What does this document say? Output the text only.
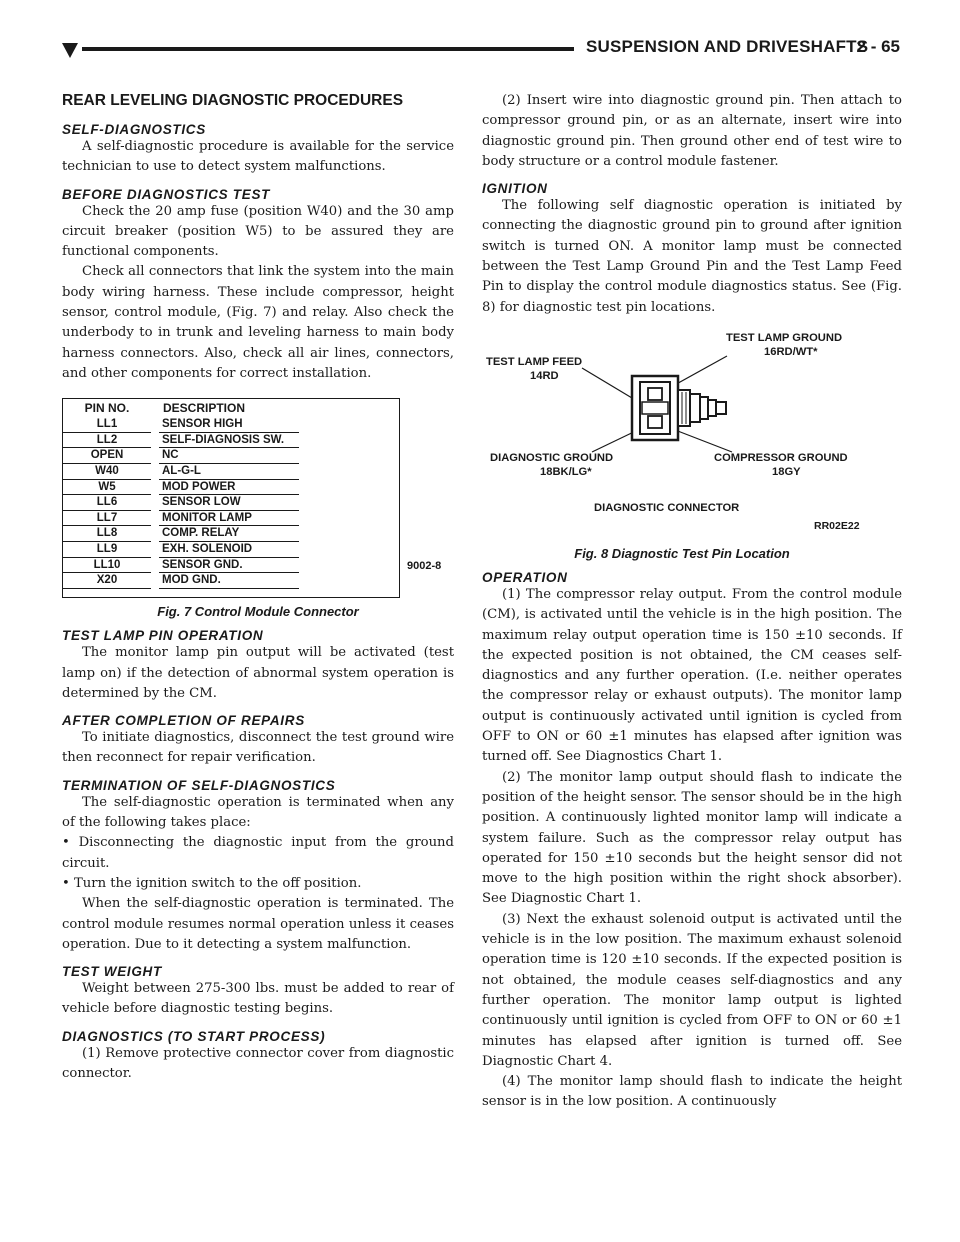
SUSPENSION AND DRIVESHAFTS
2 - 65
REAR LEVELING DIAGNOSTIC PROCEDURES
SELF-DIAGNOSTICS
A self-diagnostic procedure is available for the service technician to use to detect system malfunctions.
BEFORE DIAGNOSTICS TEST
Check the 20 amp fuse (position W40) and the 30 amp circuit breaker (position W5) to be assured they are functional components.
Check all connectors that link the system into the main body wiring harness. These include compressor, height sensor, control module, (Fig. 7) and relay. Also check the underbody to in trunk and leveling harness to main body harness connectors. Also, check all air lines, connectors, and other components for correct installation.
PIN NO.	DESCRIPTION
LL1	SENSOR HIGH
LL2	SELF-DIAGNOSIS SW.
OPEN	NC
W40	AL-G-L
W5	MOD POWER
LL6	SENSOR LOW
LL7	MONITOR LAMP
LL8	COMP. RELAY
LL9	EXH. SOLENOID
LL10	SENSOR GND.
X20	MOD GND.
9002-8
Fig. 7 Control Module Connector
TEST LAMP PIN OPERATION
The monitor lamp pin output will be activated (test lamp on) if the detection of abnormal system operation is determined by the CM.
AFTER COMPLETION OF REPAIRS
To initiate diagnostics, disconnect the test ground wire then reconnect for repair verification.
TERMINATION OF SELF-DIAGNOSTICS
The self-diagnostic operation is terminated when any of the following takes place:
• Disconnecting the diagnostic input from the ground circuit.
• Turn the ignition switch to the off position.
When the self-diagnostic operation is terminated. The control module resumes normal operation unless it ceases operation. Due to it detecting a system malfunction.
TEST WEIGHT
Weight between 275-300 lbs. must be added to rear of vehicle before diagnostic testing begins.
DIAGNOSTICS (TO START PROCESS)
(1) Remove protective connector cover from diagnostic connector.
(2) Insert wire into diagnostic ground pin. Then attach to compressor ground pin, or as an alternate, insert wire into diagnostic ground pin. Then ground other end of test wire to body structure or a control module fastener.
IGNITION
The following self diagnostic operation is initiated by connecting the diagnostic ground pin to ground after ignition switch is turned ON. A monitor lamp must be connected between the Test Lamp Ground Pin and the Test Lamp Feed Pin to display the control module diagnostics status. See (Fig. 8) for diagnostic test pin locations.
TEST LAMP FEED
14RD
TEST LAMP GROUND
16RD/WT*
DIAGNOSTIC GROUND
18BK/LG*
COMPRESSOR GROUND
18GY
DIAGNOSTIC CONNECTOR
RR02E22
Fig. 8 Diagnostic Test Pin Location
OPERATION
(1) The compressor relay output. From the control module (CM), is activated until the vehicle is in the high position. The maximum relay output operation time is 150 ±10 seconds. If the expected position is not obtained, the CM ceases self-diagnostics and any further operation. (I.e. neither operates the compressor relay or exhaust outputs). The monitor lamp output is continuously activated until ignition is cycled from OFF to ON or 60 ±1 minutes has elapsed after ignition was turned off. See Diagnostics Chart 1.
(2) The monitor lamp output should flash to indicate the position of the height sensor. The sensor should be in the high position. A continuously lighted monitor lamp will indicate a system failure. Such as the compressor relay output has operated for 150 ±10 seconds but the height sensor did not move to the high position within the right shock absorber). See Diagnostic Chart 1.
(3) Next the exhaust solenoid output is activated until the vehicle is in the low position. The maximum exhaust solenoid operation time is 120 ±10 seconds. If the expected position is not obtained, the module ceases self-diagnostics and any further operation. The monitor lamp output is lighted continuously until ignition is cycled from OFF to ON or 60 ±1 minutes has elapsed after ignition is turned off. See Diagnostic Chart 4.
(4) The monitor lamp should flash to indicate the height sensor is in the low position. A continuously
